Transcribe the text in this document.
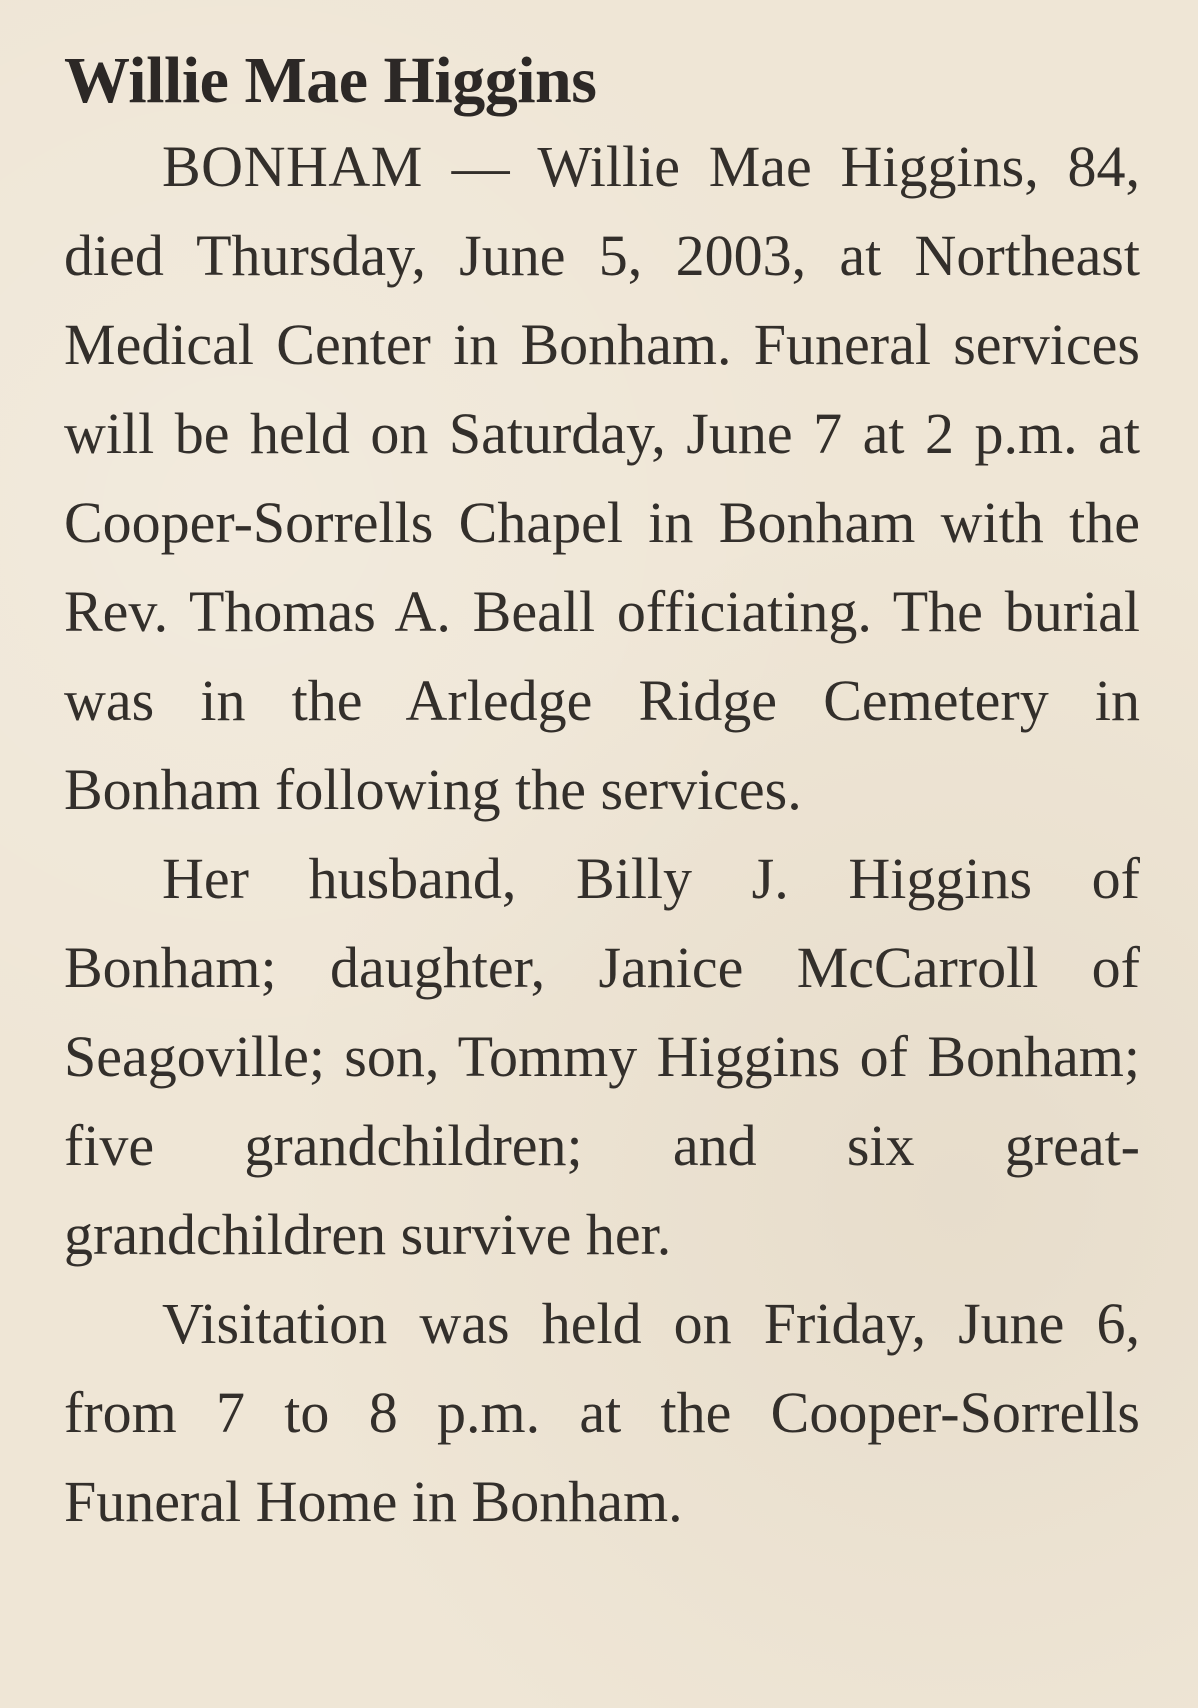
Willie Mae Higgins

BONHAM — Willie Mae Higgins, 84, died Thursday, June 5, 2003, at Northeast Medical Center in Bonham. Funeral services will be held on Saturday, June 7 at 2 p.m. at Cooper-Sorrells Chapel in Bonham with the Rev. Thomas A. Beall officiating. The burial was in the Arledge Ridge Cemetery in Bonham following the services.

Her husband, Billy J. Higgins of Bonham; daughter, Janice McCarroll of Seagoville; son, Tommy Higgins of Bonham; five grandchildren; and six great-grandchildren survive her.

Visitation was held on Friday, June 6, from 7 to 8 p.m. at the Cooper-Sorrells Funeral Home in Bonham.
